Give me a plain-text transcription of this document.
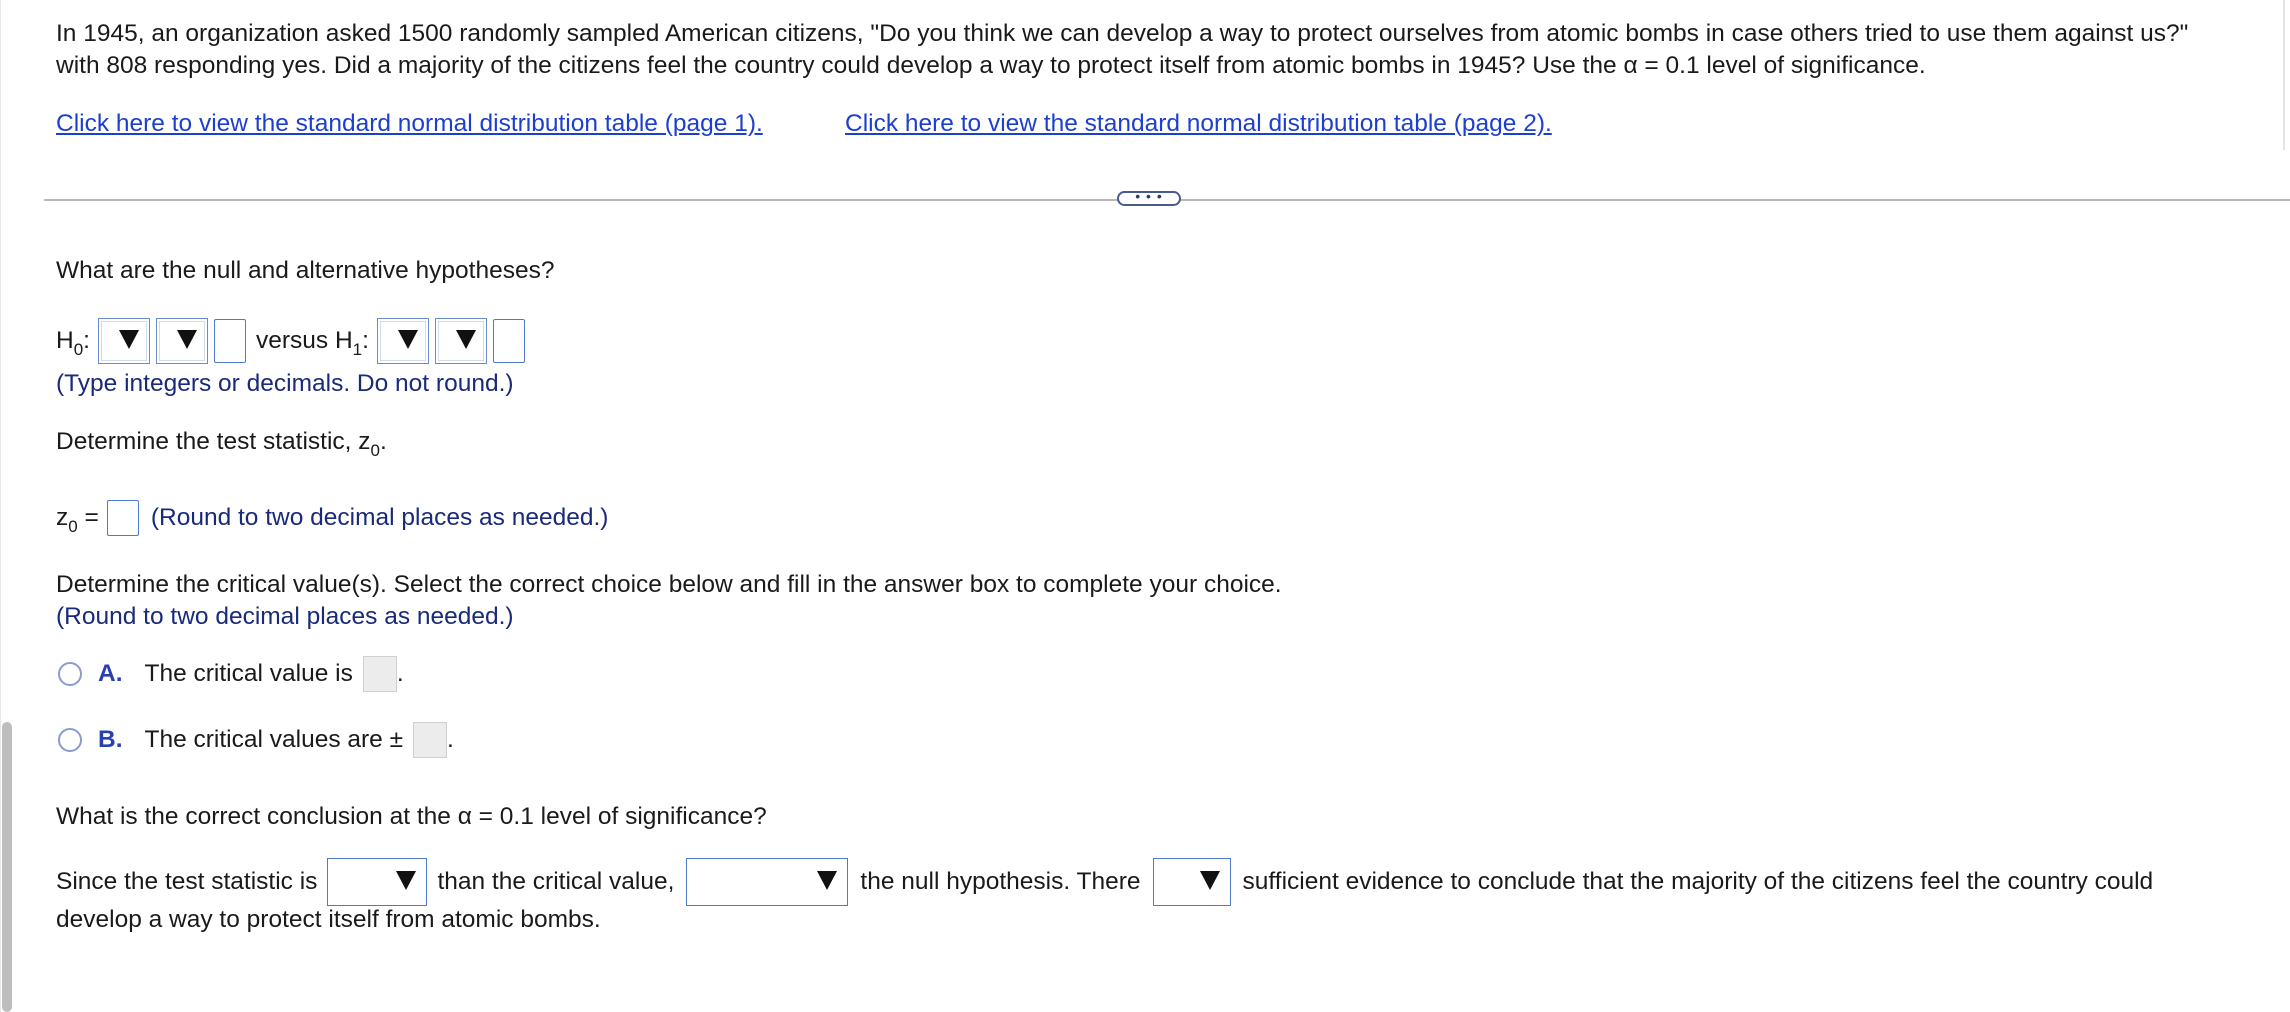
In 1945, an organization asked 1500 randomly sampled American citizens, "Do you think we can develop a way to protect ourselves from atomic bombs in case others tried to use them against us?" with 808 responding yes. Did a majority of the citizens feel the country could develop a way to protect itself from atomic bombs in 1945? Use the α = 0.1 level of significance.
Click here to view the standard normal distribution table (page 1).	Click here to view the standard normal distribution table (page 2).
• • •
What are the null and alternative hypotheses?
$H_0$:	versus $H_1$:
(Type integers or decimals. Do not round.)
Determine the test statistic, $z_0$.
$z_0$ = (Round to two decimal places as needed.)
Determine the critical value(s). Select the correct choice below and fill in the answer box to complete your choice.
(Round to two decimal places as needed.)
A. The critical value is .
B. The critical values are ± .
What is the correct conclusion at the α = 0.1 level of significance?
Since the test statistic is	than the critical value,	the null hypothesis. There	sufficient evidence to conclude that the majority of the citizens feel the country could
develop a way to protect itself from atomic bombs.
